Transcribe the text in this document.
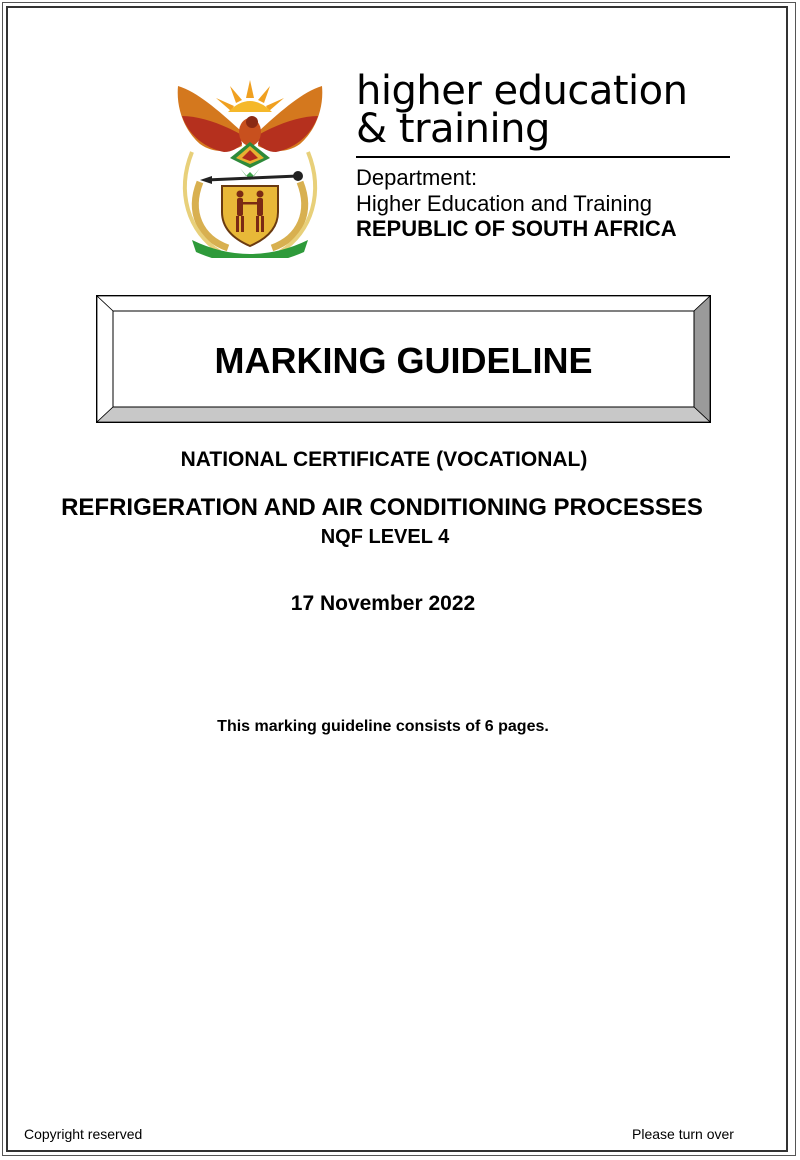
higher education
& training
Department:
Higher Education and Training
REPUBLIC OF SOUTH AFRICA
MARKING GUIDELINE
NATIONAL CERTIFICATE (VOCATIONAL)
REFRIGERATION AND AIR CONDITIONING PROCESSES
NQF LEVEL 4
17 November 2022
This marking guideline consists of 6 pages.
Copyright reserved	Please turn over
